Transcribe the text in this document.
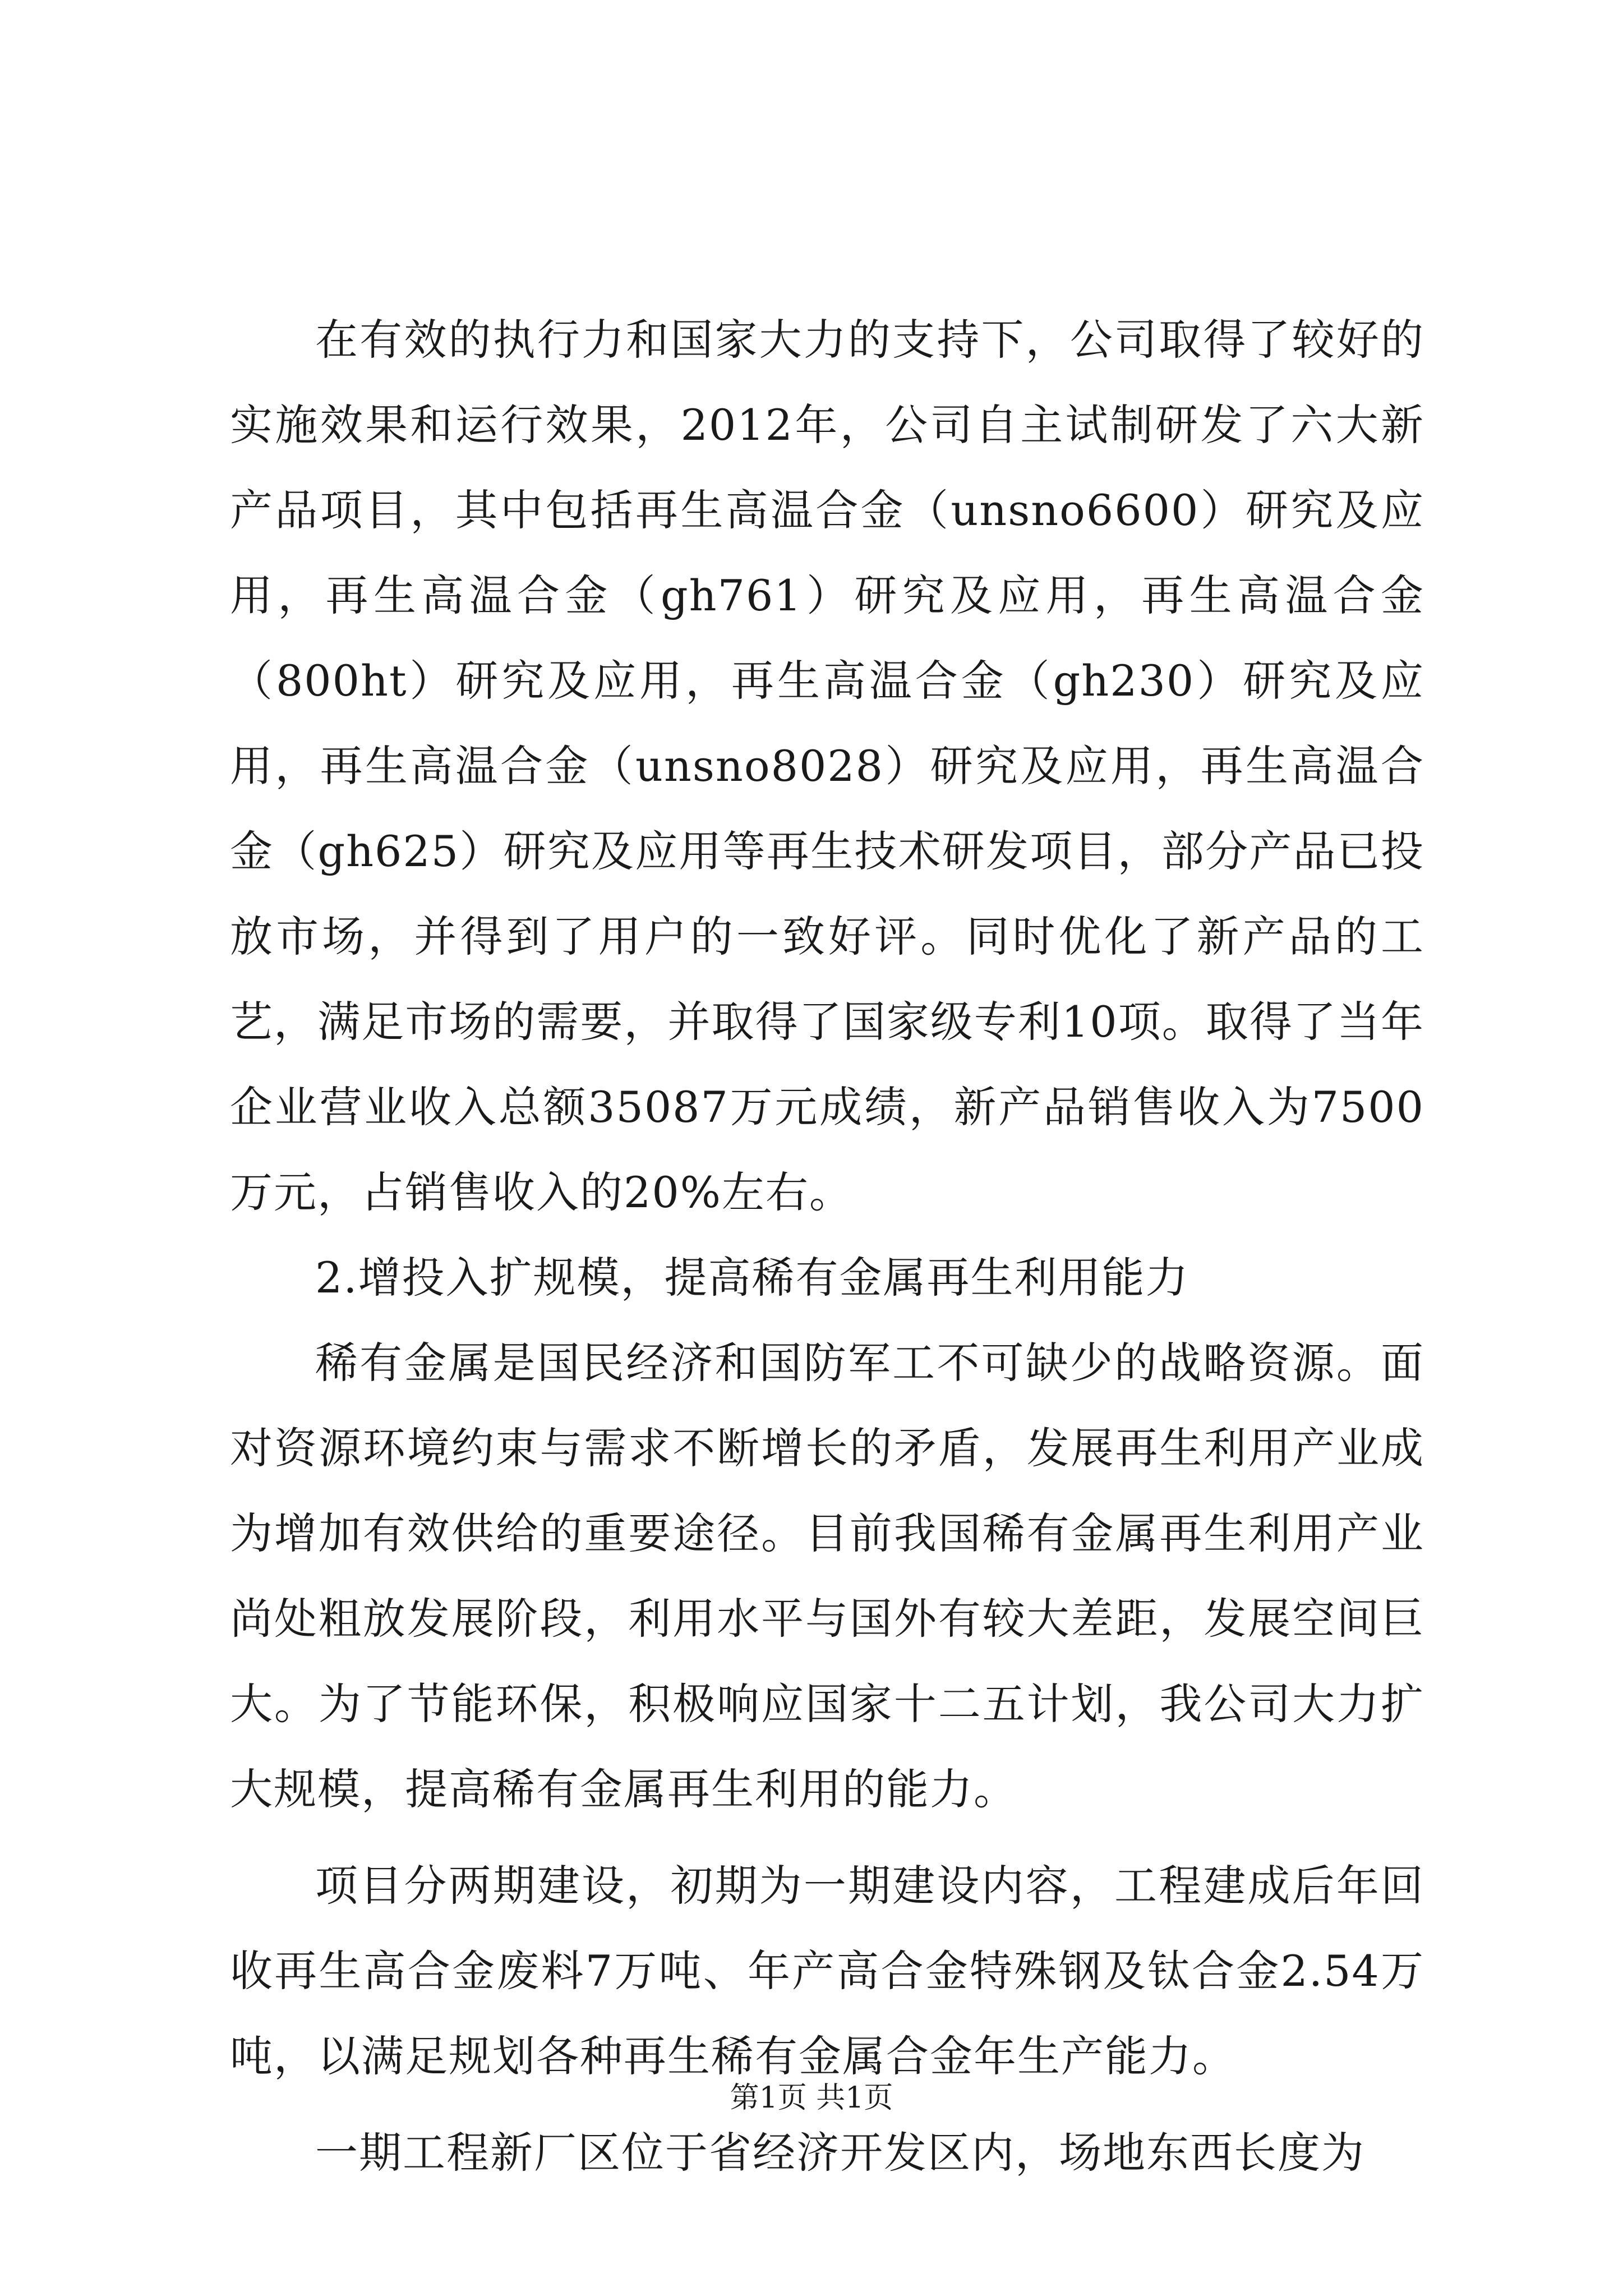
在有效的执行力和国家大力的支持下，公司取得了较好的实施效果和运行效果，2012年，公司自主试制研发了六大新产品项目，其中包括再生高温合金（unsno6600）研究及应用，再生高温合金（gh761）研究及应用，再生高温合金（800ht）研究及应用，再生高温合金（gh230）研究及应用，再生高温合金（unsno8028）研究及应用，再生高温合金（gh625）研究及应用等再生技术研发项目，部分产品已投放市场，并得到了用户的一致好评。同时优化了新产品的工艺，满足市场的需要，并取得了国家级专利10项。取得了当年企业营业收入总额35087万元成绩，新产品销售收入为7500万元，占销售收入的20%左右。

2.增投入扩规模，提高稀有金属再生利用能力

稀有金属是国民经济和国防军工不可缺少的战略资源。面对资源环境约束与需求不断增长的矛盾，发展再生利用产业成为增加有效供给的重要途径。目前我国稀有金属再生利用产业尚处粗放发展阶段，利用水平与国外有较大差距，发展空间巨大。为了节能环保，积极响应国家十二五计划，我公司大力扩大规模，提高稀有金属再生利用的能力。

项目分两期建设，初期为一期建设内容，工程建成后年回收再生高合金废料7万吨、年产高合金特殊钢及钛合金2.54万吨，以满足规划各种再生稀有金属合金年生产能力。

一期工程新厂区位于省经济开发区内，场地东西长度为

第1页 共1页
